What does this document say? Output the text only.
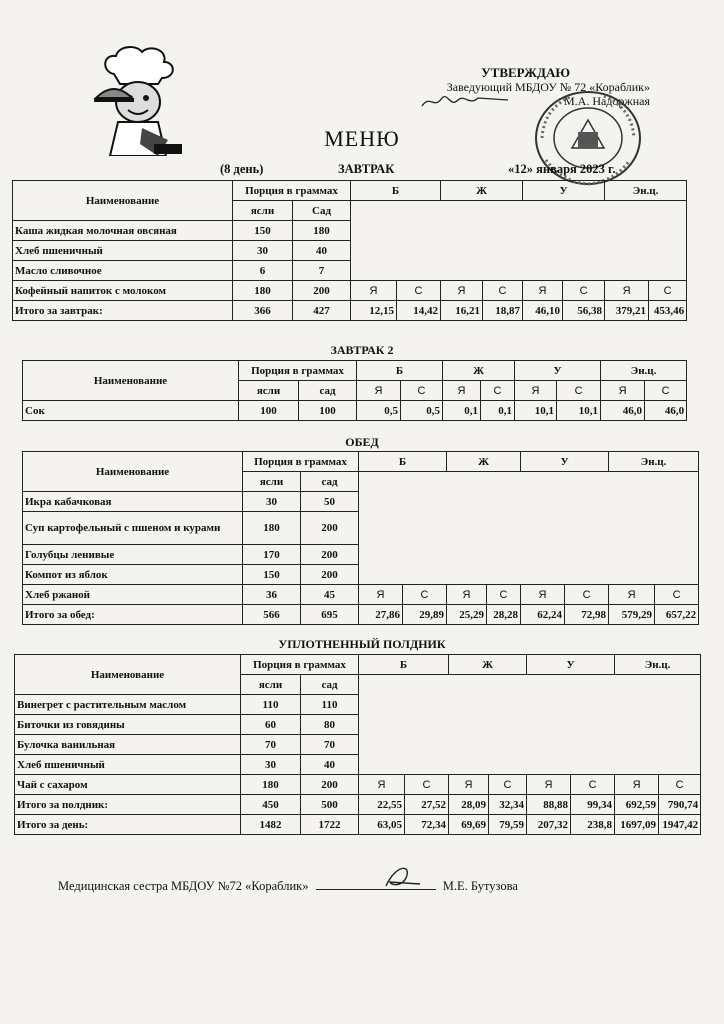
УТВЕРЖДАЮ
Заведующий МБДОУ № 72 «Кораблик»
М.А. Надоржная
МЕНЮ
(8 день)	ЗАВТРАК	«12» января 2023 г.
Наименование	Порция в граммах		Б		Ж		У		Эн.ц.	
	ясли	Сад								
Каша жидкая молочная овсяная	150	180								
Хлеб пшеничный	30	40								
Масло сливочное	6	7								
Кофейный напиток с молоком	180	200	Я	С	Я	С	Я	С	Я	С
Итого за завтрак:	366	427	12,15	14,42	16,21	18,87	46,10	56,38	379,21	453,46
ЗАВТРАК 2
Наименование	Порция в граммах		Б		Ж		У		Эн.ц.	
	ясли	сад	Я	С	Я	С	Я	С	Я	С
Сок	100	100	0,5	0,5	0,1	0,1	10,1	10,1	46,0	46,0
ОБЕД
Наименование	Порция в граммах		Б		Ж		У		Эн.ц.	
	ясли	сад								
Икра кабачковая	30	50								
Суп картофельный с пшеном и курами	180	200								
Голубцы ленивые	170	200								
Компот из яблок	150	200								
Хлеб ржаной	36	45	Я	С	Я	С	Я	С	Я	С
Итого за обед:	566	695	27,86	29,89	25,29	28,28	62,24	72,98	579,29	657,22
УПЛОТНЕННЫЙ ПОЛДНИК
Наименование	Порция в граммах		Б		Ж		У		Эн.ц.	
	ясли	сад								
Винегрет с растительным маслом	110	110								
Биточки из говядины	60	80								
Булочка ванильная	70	70								
Хлеб пшеничный	30	40								
Чай с сахаром	180	200	Я	С	Я	С	Я	С	Я	С
Итого за полдник:	450	500	22,55	27,52	28,09	32,34	88,88	99,34	692,59	790,74
Итого за день:	1482	1722	63,05	72,34	69,69	79,59	207,32	238,8	1697,09	1947,42
Медицинская сестра МБДОУ №72 «Кораблик»	М.Е. Бутузова
